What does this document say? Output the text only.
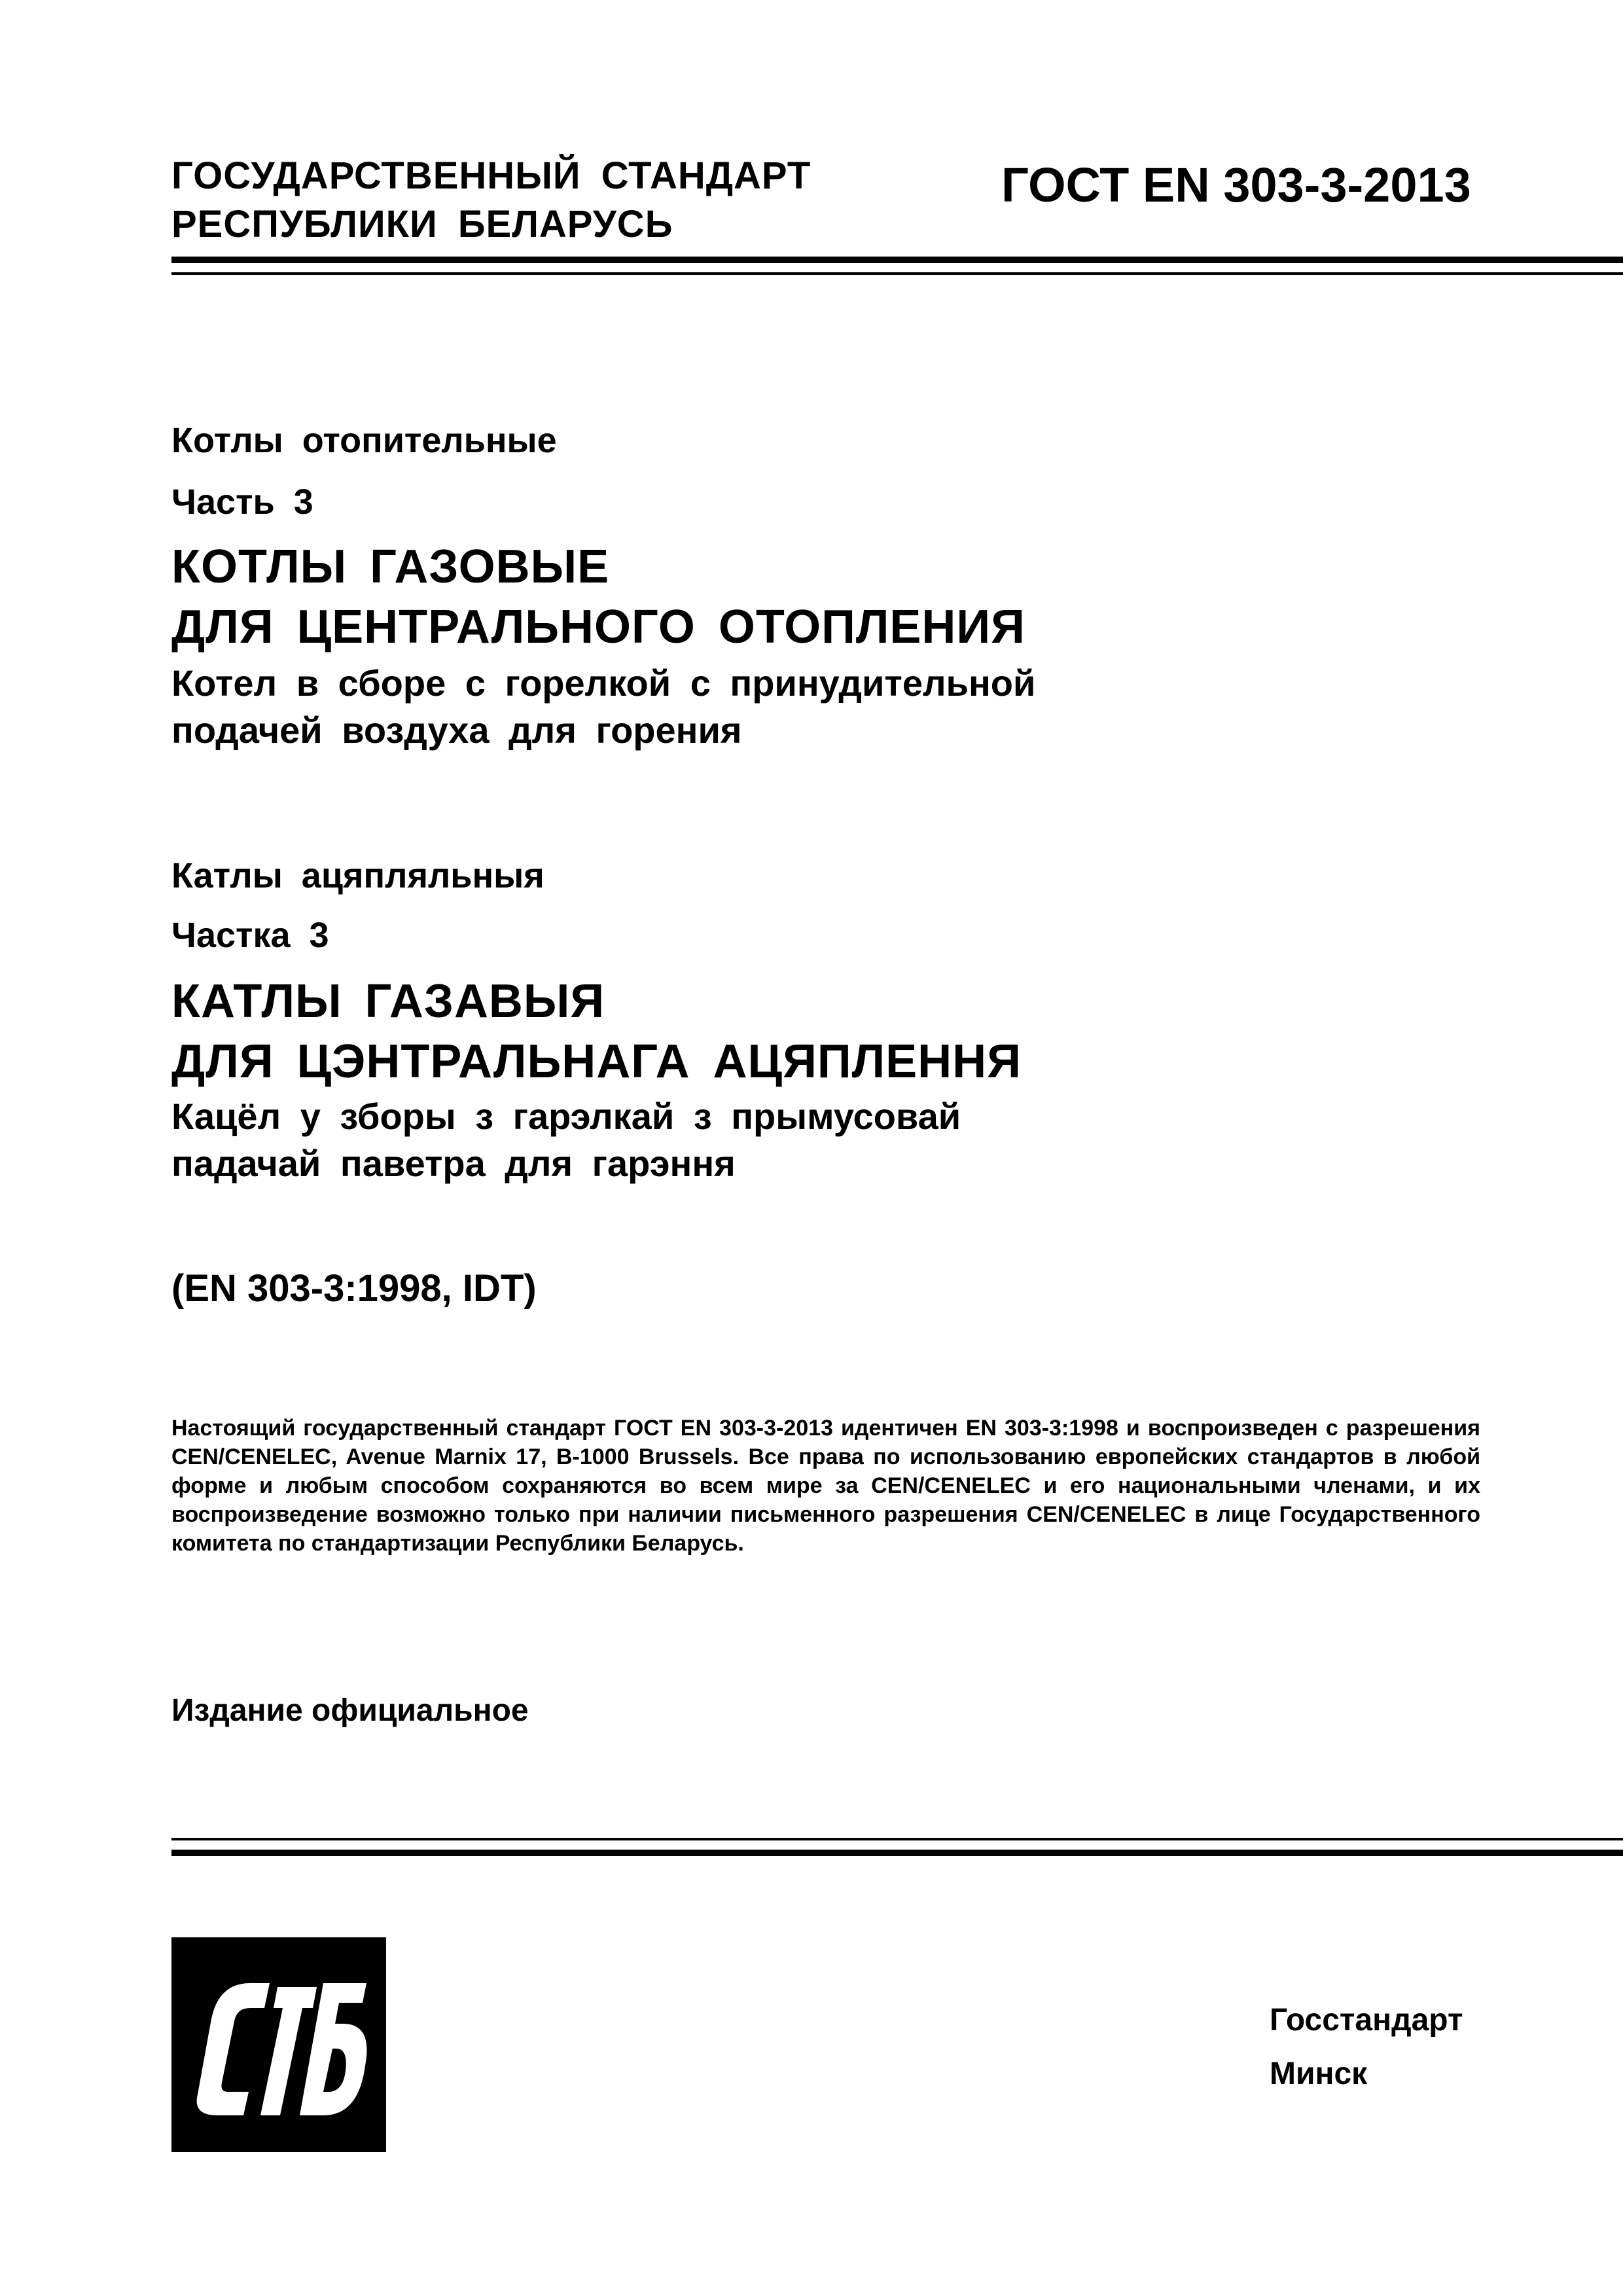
ГОСУДАРСТВЕННЫЙ СТАНДАРТ
РЕСПУБЛИКИ БЕЛАРУСЬ
ГОСТ EN 303-3-2013
Котлы отопительные
Часть 3
КОТЛЫ ГАЗОВЫЕ
ДЛЯ ЦЕНТРАЛЬНОГО ОТОПЛЕНИЯ
Котел в сборе с горелкой с принудительной
подачей воздуха для горения
Катлы ацяпляльныя
Частка 3
КАТЛЫ ГАЗАВЫЯ
ДЛЯ ЦЭНТРАЛЬНАГА АЦЯПЛЕННЯ
Кацёл у зборы з гарэлкай з прымусовай
падачай паветра для гарэння
(EN 303-3:1998, IDT)
Настоящий государственный стандарт ГОСТ EN 303-3-2013 идентичен EN 303-3:1998 и воспроизведен с разрешения CEN/CENELEC, Avenue Marnix 17, B-1000 Brussels. Все права по использованию европейских стандартов в любой форме и любым способом сохраняются во всем мире за CEN/CENELEC и его национальными членами, и их воспроизведение возможно только при наличии письменного разрешения CEN/CENELEC в лице Государственного комитета по стандартизации Республики Беларусь.
Издание официальное
Госстандарт
Минск
